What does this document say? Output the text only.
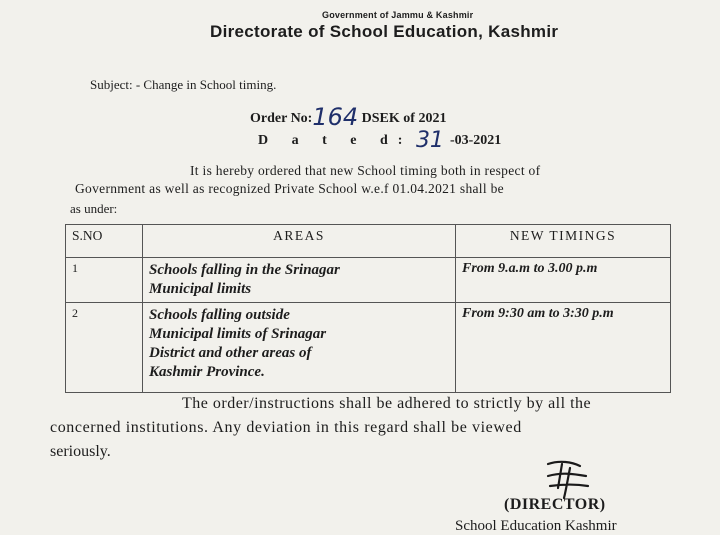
Government of Jammu & Kashmir
Directorate of School Education, Kashmir
Subject: - Change in School timing.
Order No:164 DSEK of 2021
D a t e d: 31 -03-2021
It is hereby ordered that new School timing both in respect of
Government as well as recognized Private School w.e.f 01.04.2021 shall be
as under:
S.NO	AREAS	NEW TIMINGS
1	Schools falling in the Srinagar
Municipal limits	From 9.a.m to 3.00 p.m
2	Schools falling outside
Municipal limits of Srinagar
District and other areas of
Kashmir Province.	From 9:30 am to 3:30 p.m
The order/instructions shall be adhered to strictly by all the
concerned institutions. Any deviation in this regard shall be viewed
seriously.
(DIRECTOR)
School Education Kashmir
